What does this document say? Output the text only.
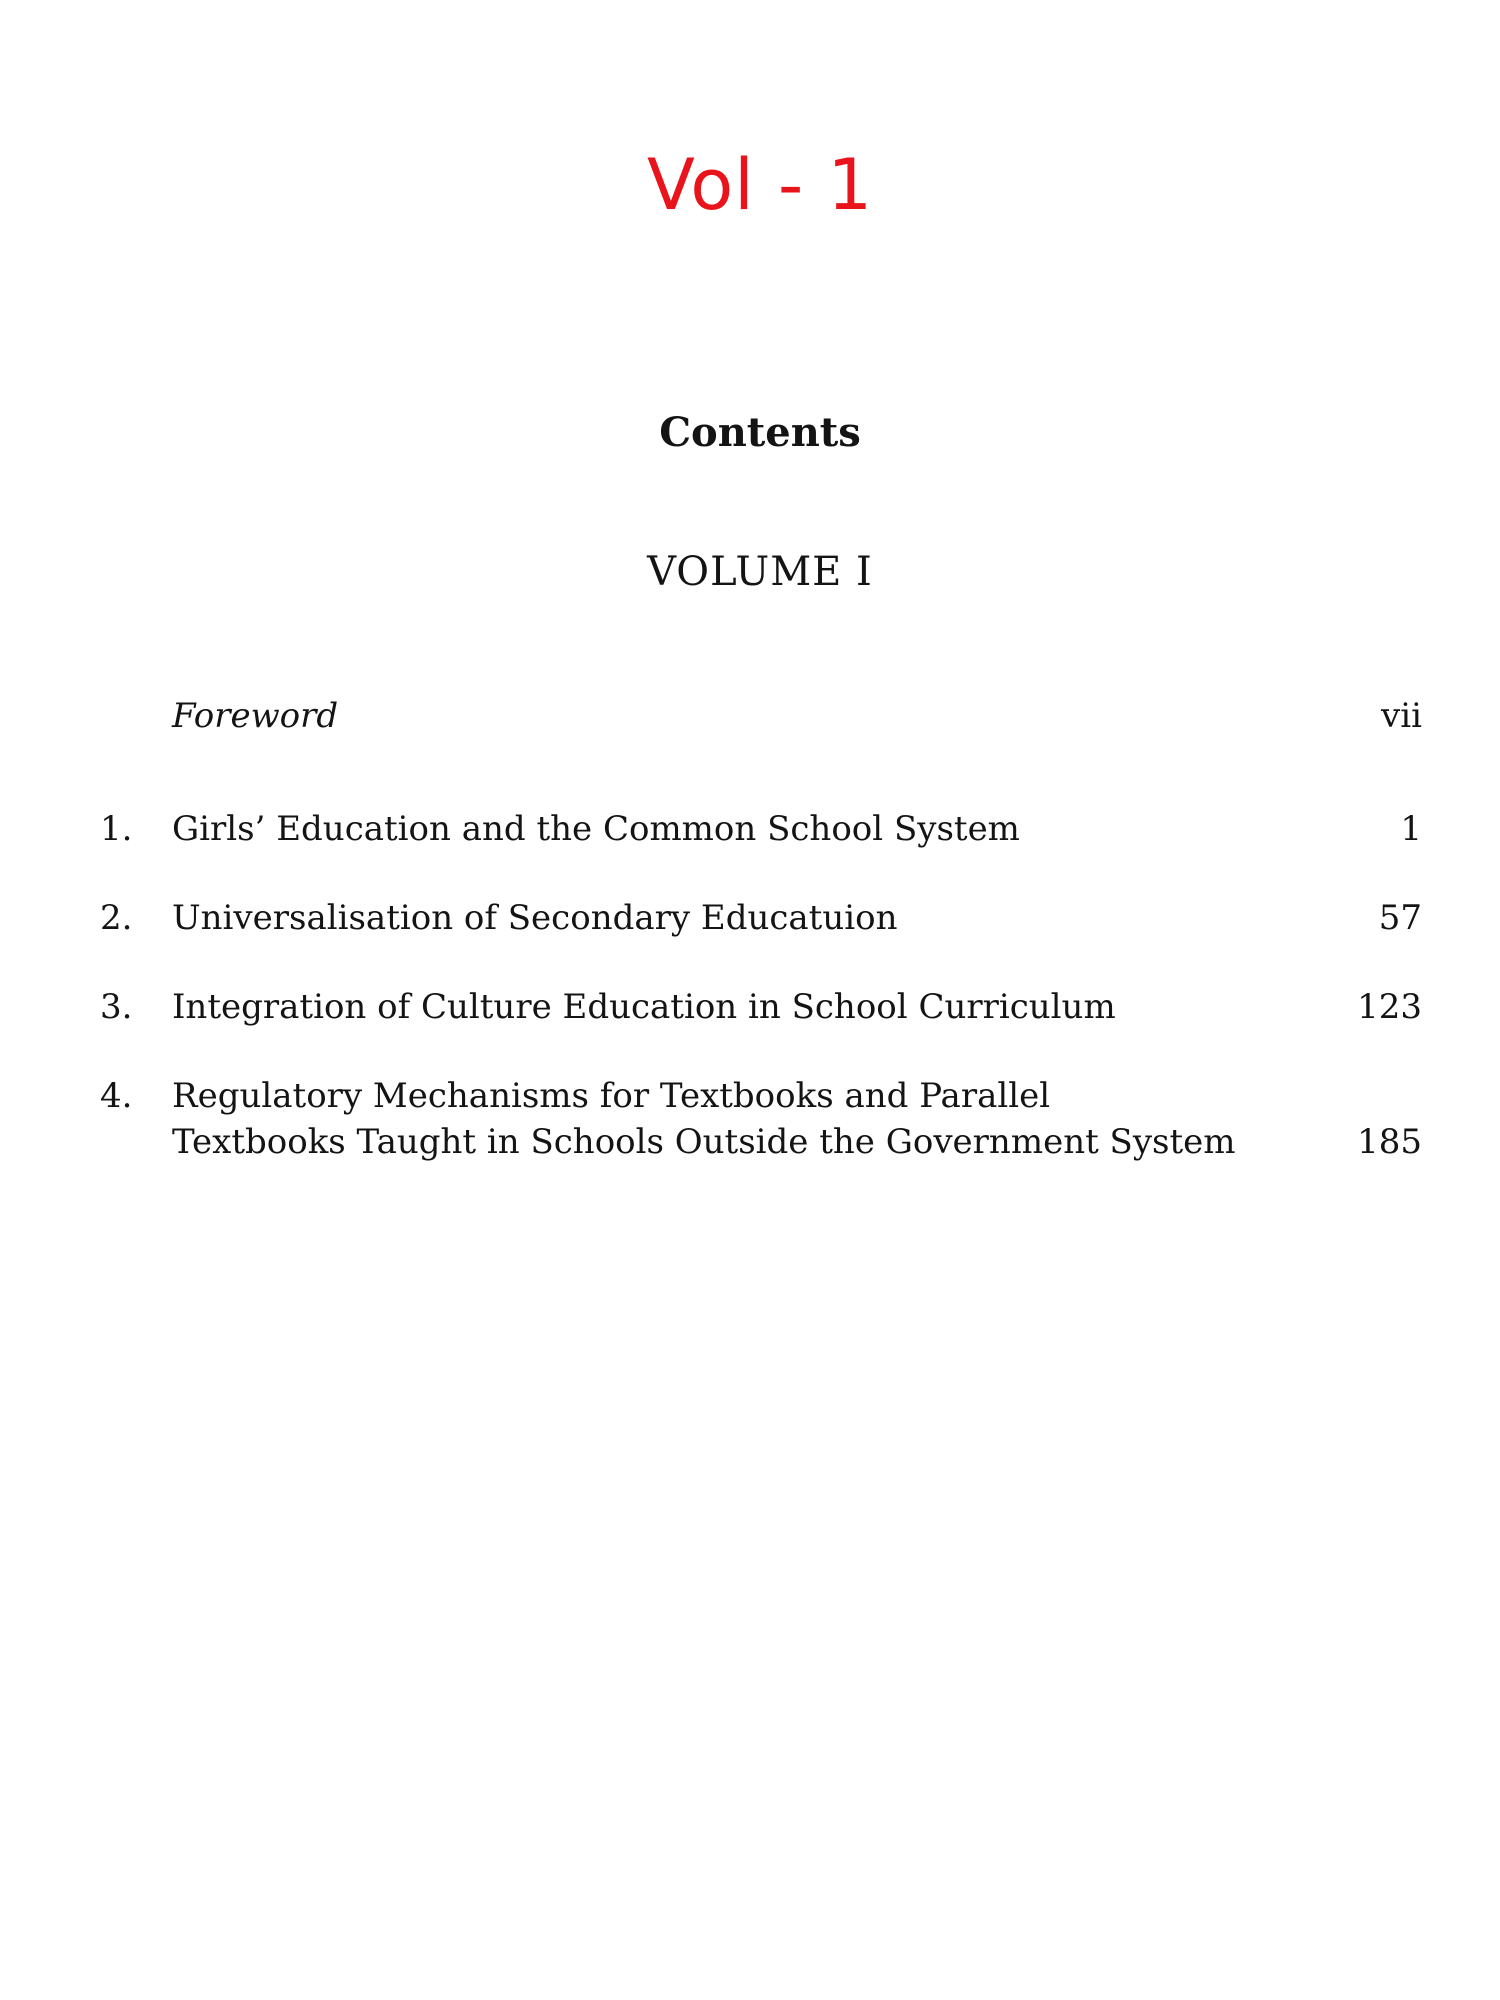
Vol - 1
Contents
VOLUME I
Foreword	vii
1.	Girls’ Education and the Common School System	1
2.	Universalisation of Secondary Educatuion	57
3.	Integration of Culture Education in School Curriculum	123
4.	Regulatory Mechanisms for Textbooks and Parallel
Textbooks Taught in Schools Outside the Government System	185
